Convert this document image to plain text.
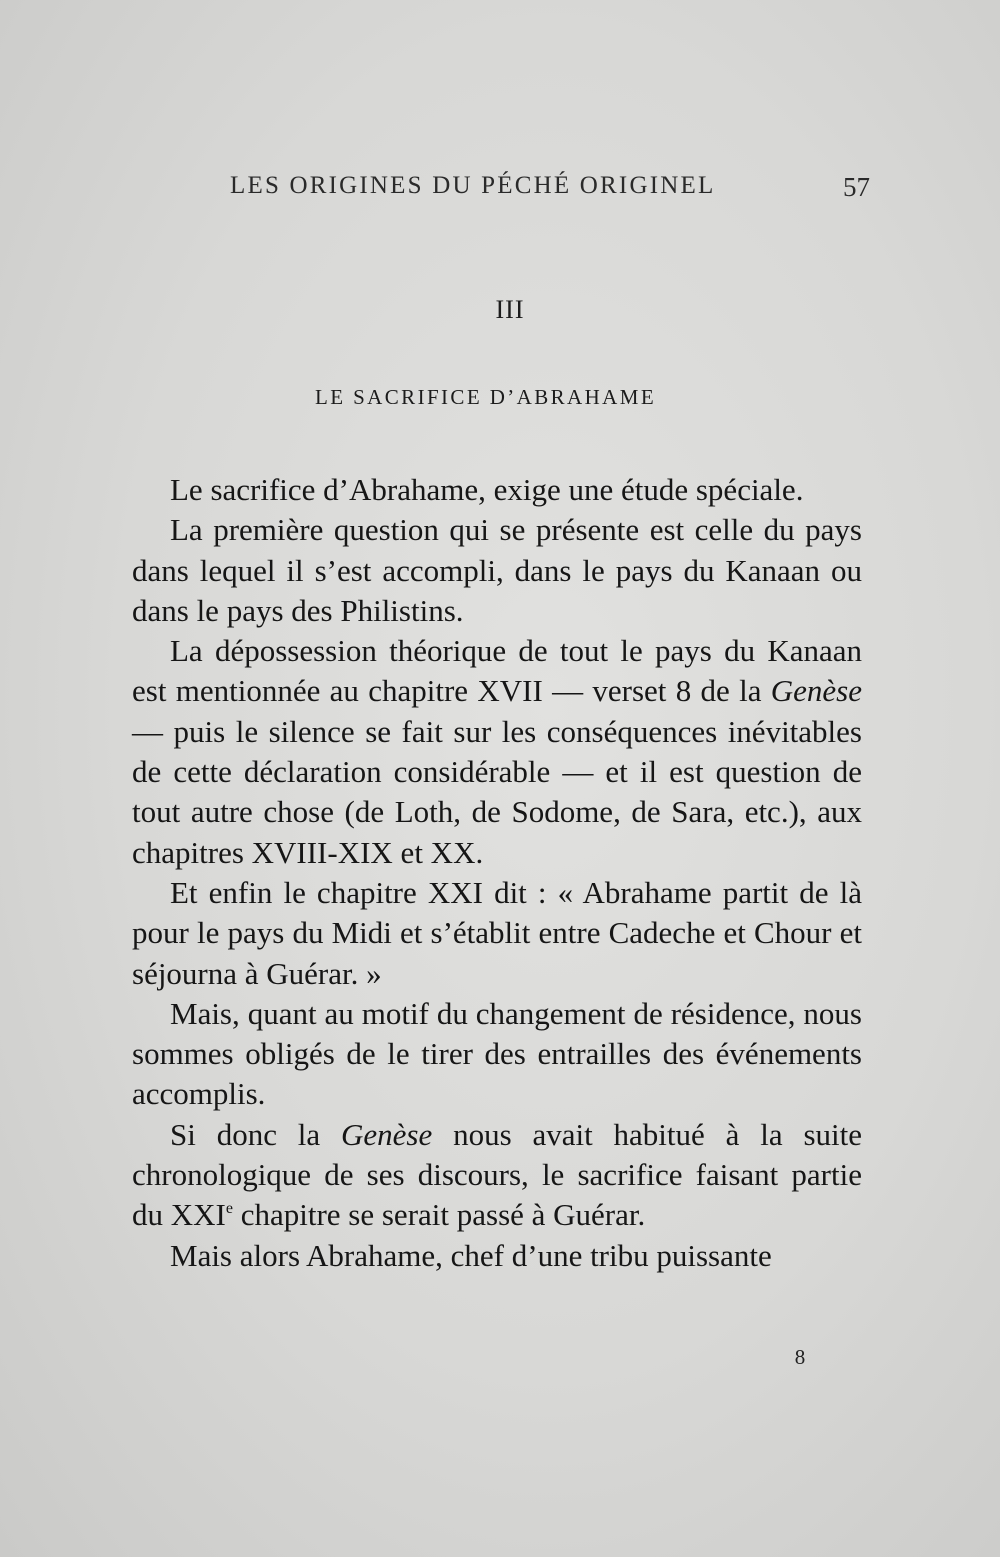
LES ORIGINES DU PÉCHÉ ORIGINEL	57
III
LE SACRIFICE D’ABRAHAME

Le sacrifice d’Abrahame, exige une étude spéciale.

La première question qui se présente est celle du pays dans lequel il s’est accompli, dans le pays du Kanaan ou dans le pays des Philistins.

La dépossession théorique de tout le pays du Kanaan est mentionnée au chapitre XVII — verset 8 de la Genèse — puis le silence se fait sur les conséquences inévitables de cette déclaration considérable — et il est question de tout autre chose (de Loth, de Sodome, de Sara, etc.), aux chapitres XVIII-XIX et XX.

Et enfin le chapitre XXI dit : « Abrahame partit de là pour le pays du Midi et s’établit entre Cadeche et Chour et séjourna à Guérar. »

Mais, quant au motif du changement de résidence, nous sommes obligés de le tirer des entrailles des événements accomplis.

Si donc la Genèse nous avait habitué à la suite chronologique de ses discours, le sacrifice faisant partie du XXIe chapitre se serait passé à Guérar.

Mais alors Abrahame, chef d’une tribu puissante

8
